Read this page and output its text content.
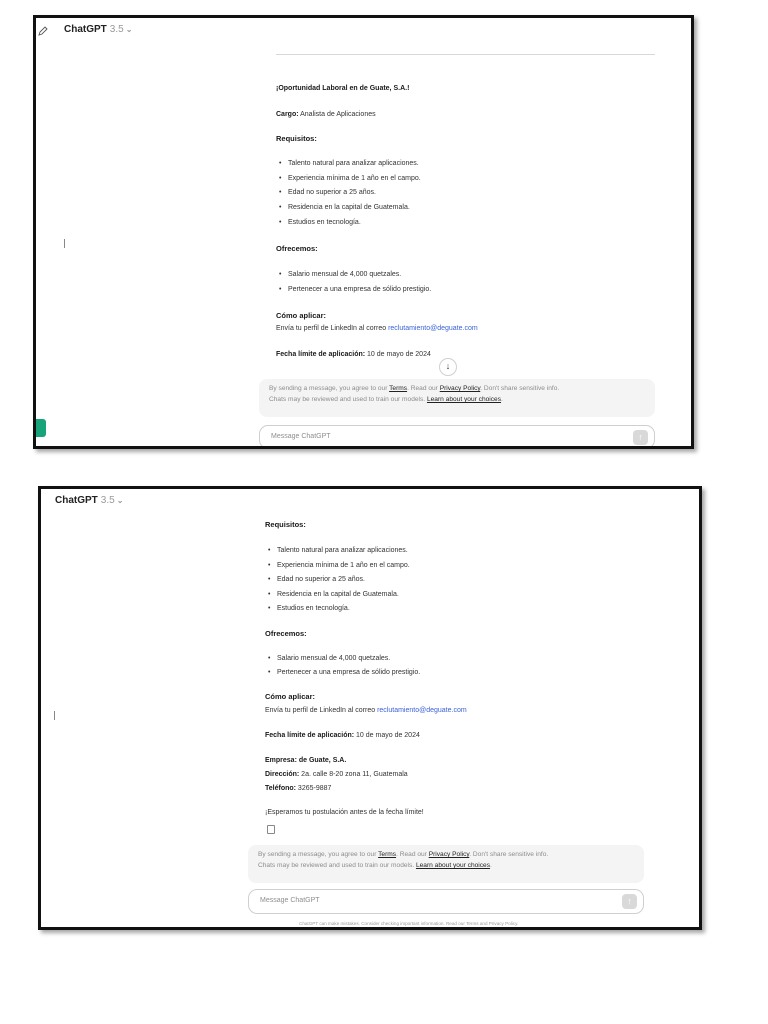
ChatGPT 3.5 ⌄
¡Oportunidad Laboral en de Guate, S.A.!
Cargo: Analista de Aplicaciones
Requisitos:
• Talento natural para analizar aplicaciones.
• Experiencia mínima de 1 año en el campo.
• Edad no superior a 25 años.
• Residencia en la capital de Guatemala.
• Estudios en tecnología.
Ofrecemos:
• Salario mensual de 4,000 quetzales.
• Pertenecer a una empresa de sólido prestigio.
Cómo aplicar:
Envía tu perfil de LinkedIn al correo reclutamiento@deguate.com
Fecha límite de aplicación: 10 de mayo de 2024
↓
By sending a message, you agree to our Terms. Read our Privacy Policy. Don't share sensitive info.
Chats may be reviewed and used to train our models. Learn about your choices.
Message ChatGPT	↑
ChatGPT 3.5 ⌄
Requisitos:
• Talento natural para analizar aplicaciones.
• Experiencia mínima de 1 año en el campo.
• Edad no superior a 25 años.
• Residencia en la capital de Guatemala.
• Estudios en tecnología.
Ofrecemos:
• Salario mensual de 4,000 quetzales.
• Pertenecer a una empresa de sólido prestigio.
Cómo aplicar:
Envía tu perfil de LinkedIn al correo reclutamiento@deguate.com
Fecha límite de aplicación: 10 de mayo de 2024
Empresa: de Guate, S.A.
Dirección: 2a. calle 8-20 zona 11, Guatemala
Teléfono: 3265-9887
¡Esperamos tu postulación antes de la fecha límite!
By sending a message, you agree to our Terms. Read our Privacy Policy. Don't share sensitive info.
Chats may be reviewed and used to train our models. Learn about your choices.
Message ChatGPT	↑
ChatGPT can make mistakes. Consider checking important information. Read our Terms and Privacy Policy.
